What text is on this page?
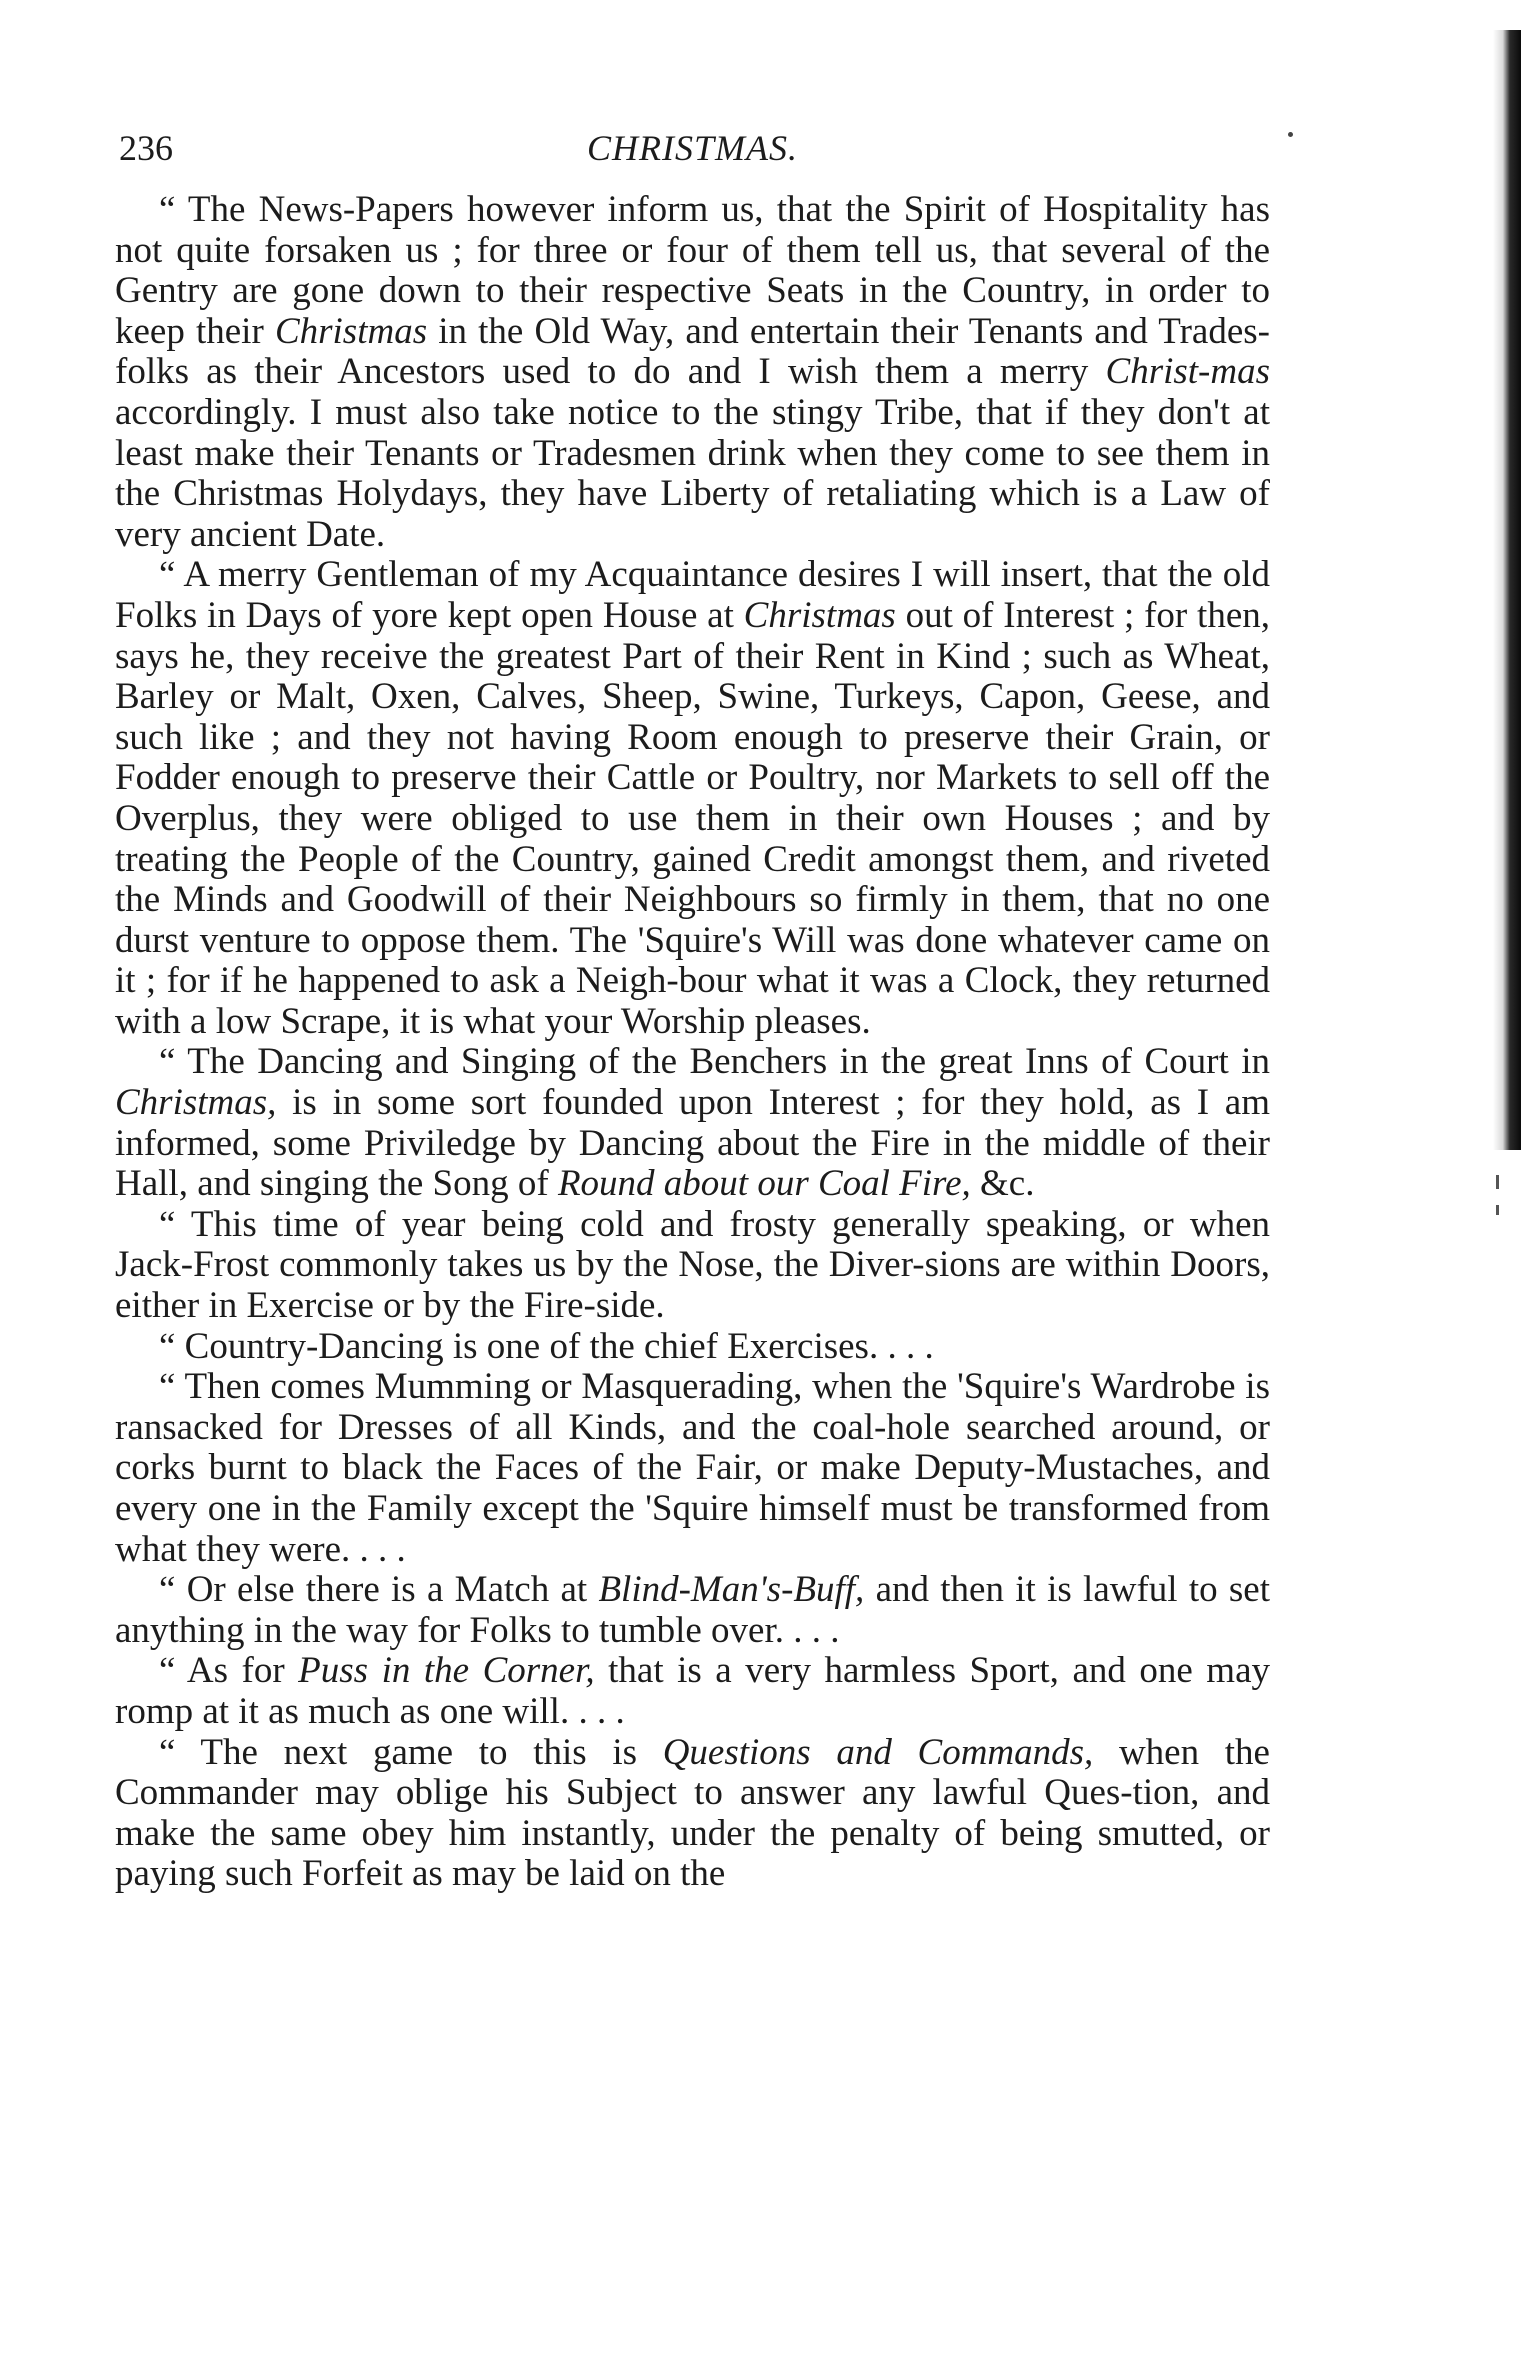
236	CHRISTMAS.

“ The News-Papers however inform us, that the Spirit of Hospitality has not quite forsaken us ; for three or four of them tell us, that several of the Gentry are gone down to their respective Seats in the Country, in order to keep their Christmas in the Old Way, and entertain their Tenants and Trades-folks as their Ancestors used to do and I wish them a merry Christ-mas accordingly. I must also take notice to the stingy Tribe, that if they don't at least make their Tenants or Tradesmen drink when they come to see them in the Christmas Holydays, they have Liberty of retaliating which is a Law of very ancient Date.

“ A merry Gentleman of my Acquaintance desires I will insert, that the old Folks in Days of yore kept open House at Christmas out of Interest ; for then, says he, they receive the greatest Part of their Rent in Kind ; such as Wheat, Barley or Malt, Oxen, Calves, Sheep, Swine, Turkeys, Capon, Geese, and such like ; and they not having Room enough to preserve their Grain, or Fodder enough to preserve their Cattle or Poultry, nor Markets to sell off the Overplus, they were obliged to use them in their own Houses ; and by treating the People of the Country, gained Credit amongst them, and riveted the Minds and Goodwill of their Neighbours so firmly in them, that no one durst venture to oppose them. The 'Squire's Will was done whatever came on it ; for if he happened to ask a Neigh-bour what it was a Clock, they returned with a low Scrape, it is what your Worship pleases.

“ The Dancing and Singing of the Benchers in the great Inns of Court in Christmas, is in some sort founded upon Interest ; for they hold, as I am informed, some Priviledge by Dancing about the Fire in the middle of their Hall, and singing the Song of Round about our Coal Fire, &c.

“ This time of year being cold and frosty generally speaking, or when Jack-Frost commonly takes us by the Nose, the Diver-sions are within Doors, either in Exercise or by the Fire-side.

“ Country-Dancing is one of the chief Exercises. . . .

“ Then comes Mumming or Masquerading, when the 'Squire's Wardrobe is ransacked for Dresses of all Kinds, and the coal-hole searched around, or corks burnt to black the Faces of the Fair, or make Deputy-Mustaches, and every one in the Family except the 'Squire himself must be transformed from what they were. . . .

“ Or else there is a Match at Blind-Man's-Buff, and then it is lawful to set anything in the way for Folks to tumble over. . . .

“ As for Puss in the Corner, that is a very harmless Sport, and one may romp at it as much as one will. . . .

“ The next game to this is Questions and Commands, when the Commander may oblige his Subject to answer any lawful Ques-tion, and make the same obey him instantly, under the penalty of being smutted, or paying such Forfeit as may be laid on the
